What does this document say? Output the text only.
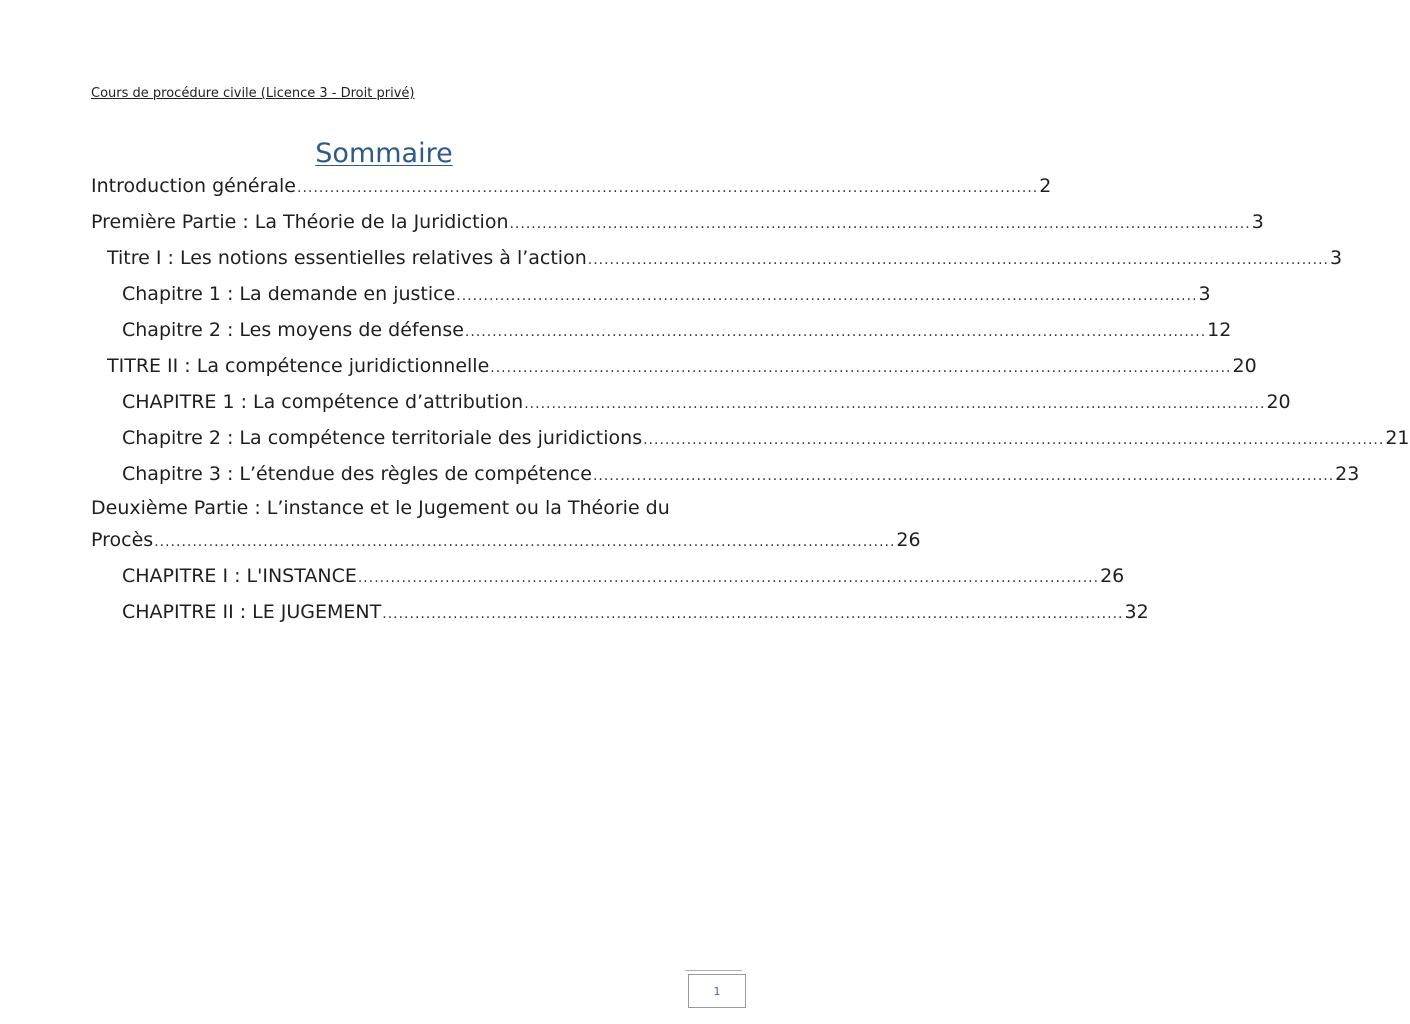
Cours de procédure civile (Licence 3 - Droit privé)
Sommaire
Introduction générale ........................................................................................................................................ 2
Première Partie : La Théorie de la Juridiction ........................................................................................................................................ 3
Titre I : Les notions essentielles relatives à l’action ........................................................................................................................................ 3
Chapitre 1 : La demande en justice ........................................................................................................................................ 3
Chapitre 2 : Les moyens de défense ........................................................................................................................................ 12
TITRE II : La compétence juridictionnelle ........................................................................................................................................ 20
CHAPITRE 1 : La compétence d’attribution ........................................................................................................................................ 20
Chapitre 2 : La compétence territoriale des juridictions ........................................................................................................................................ 21
Chapitre 3 : L’étendue des règles de compétence ........................................................................................................................................ 23
Deuxième Partie : L’instance et le Jugement ou la Théorie du
Procès ........................................................................................................................................ 26
CHAPITRE I : L'INSTANCE ........................................................................................................................................ 26
CHAPITRE II : LE JUGEMENT ........................................................................................................................................ 32
1
